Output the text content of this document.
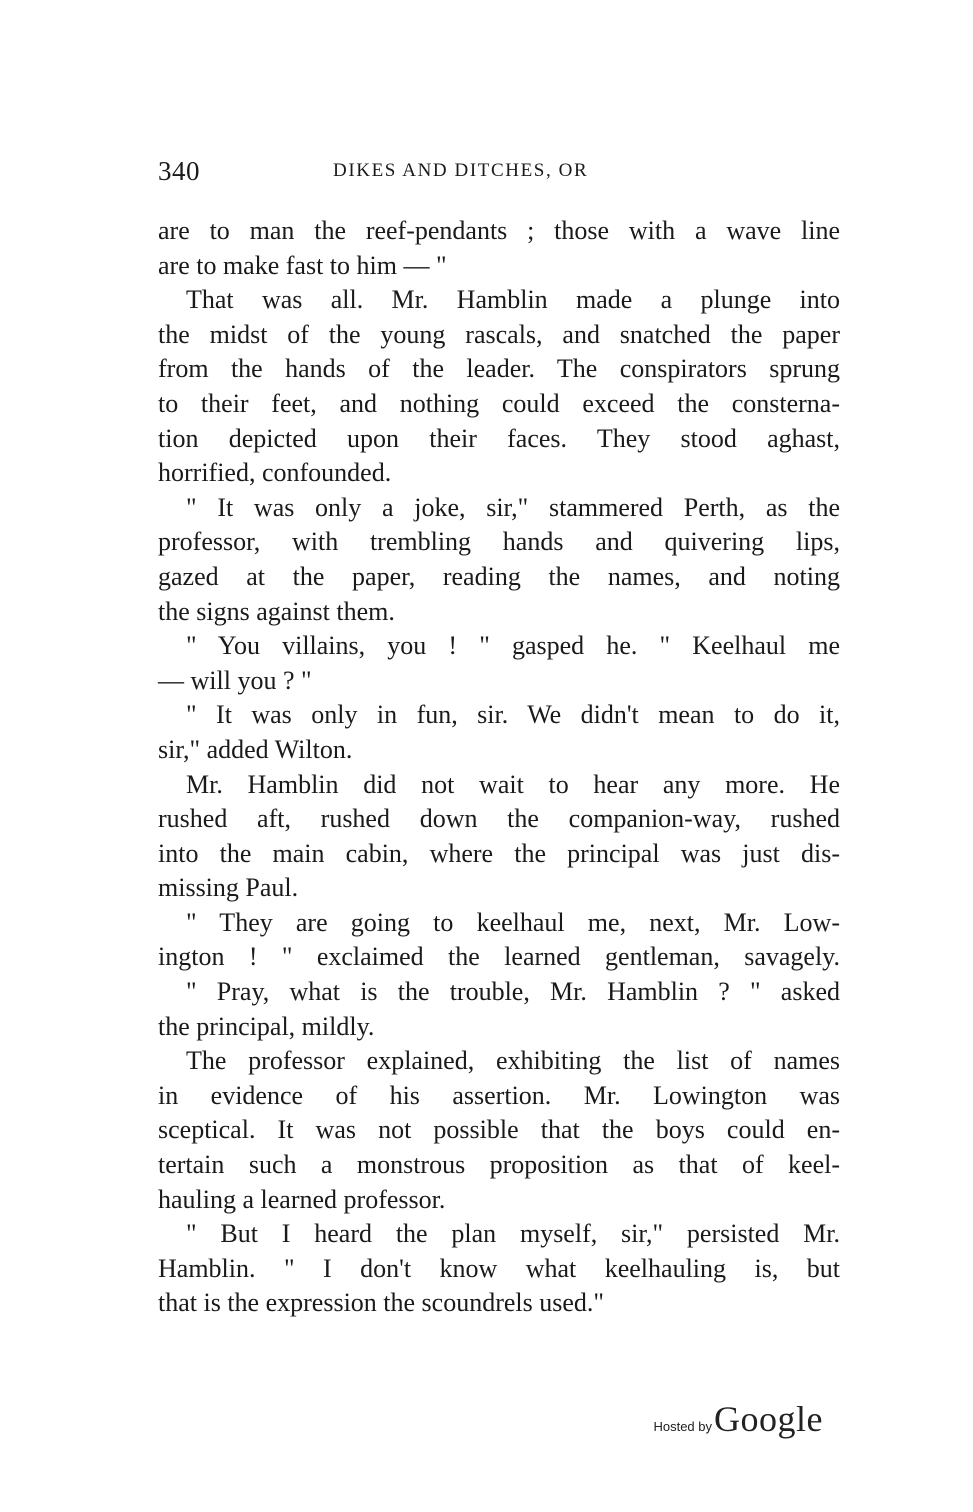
340	DIKES AND DITCHES, OR
are to man the reef-pendants ; those with a wave line
are to make fast to him — "
That was all. Mr. Hamblin made a plunge into
the midst of the young rascals, and snatched the paper
from the hands of the leader. The conspirators sprung
to their feet, and nothing could exceed the consterna-
tion depicted upon their faces. They stood aghast,
horrified, confounded.
" It was only a joke, sir," stammered Perth, as the
professor, with trembling hands and quivering lips,
gazed at the paper, reading the names, and noting
the signs against them.
" You villains, you ! " gasped he. " Keelhaul me
— will you ? "
" It was only in fun, sir. We didn't mean to do it,
sir," added Wilton.
Mr. Hamblin did not wait to hear any more. He
rushed aft, rushed down the companion-way, rushed
into the main cabin, where the principal was just dis-
missing Paul.
" They are going to keelhaul me, next, Mr. Low-
ington ! " exclaimed the learned gentleman, savagely.
" Pray, what is the trouble, Mr. Hamblin ? " asked
the principal, mildly.
The professor explained, exhibiting the list of names
in evidence of his assertion. Mr. Lowington was
sceptical. It was not possible that the boys could en-
tertain such a monstrous proposition as that of keel-
hauling a learned professor.
" But I heard the plan myself, sir," persisted Mr.
Hamblin. " I don't know what keelhauling is, but
that is the expression the scoundrels used."
Hosted by Google
